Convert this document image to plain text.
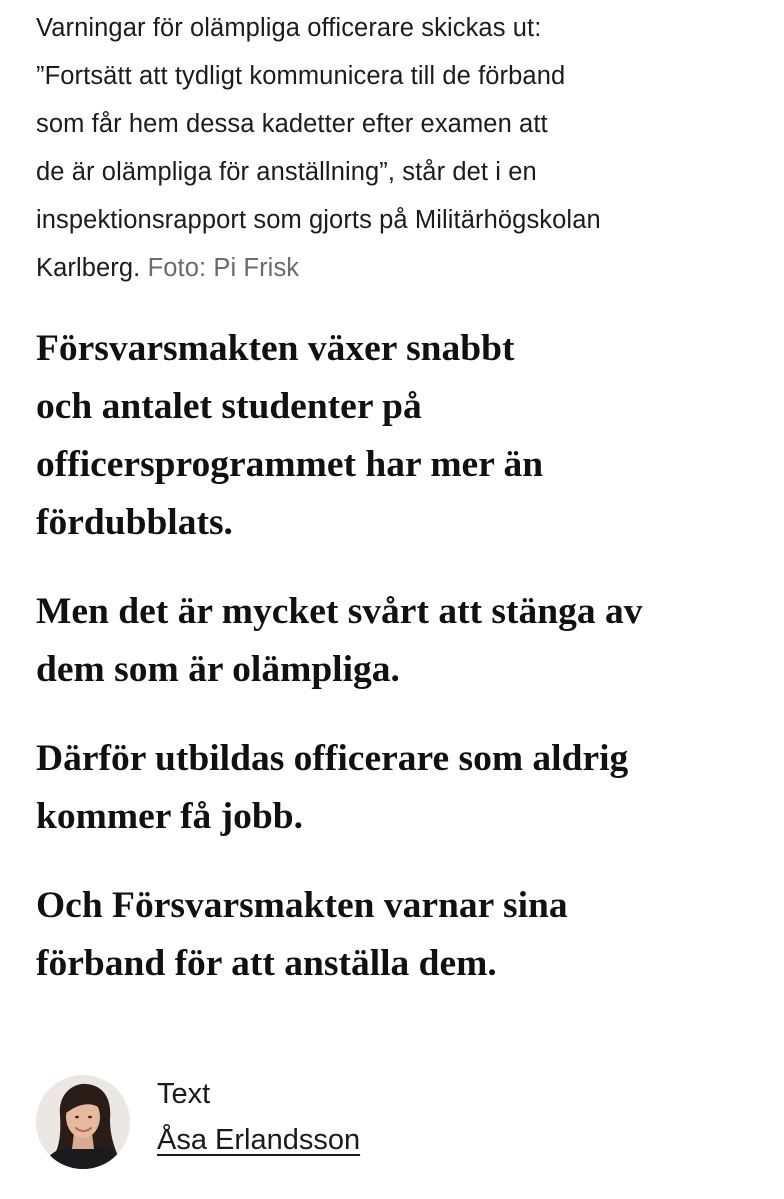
Varningar för olämpliga officerare skickas ut:
”Fortsätt att tydligt kommunicera till de förband
som får hem dessa kadetter efter examen att
de är olämpliga för anställning”, står det i en
inspektionsrapport som gjorts på Militärhögskolan
Karlberg. Foto: Pi Frisk

Försvarsmakten växer snabbt
och antalet studenter på
officersprogrammet har mer än
fördubblats.

Men det är mycket svårt att stänga av
dem som är olämpliga.

Därför utbildas officerare som aldrig
kommer få jobb.

Och Försvarsmakten varnar sina
förband för att anställa dem.

Text
Åsa Erlandsson
